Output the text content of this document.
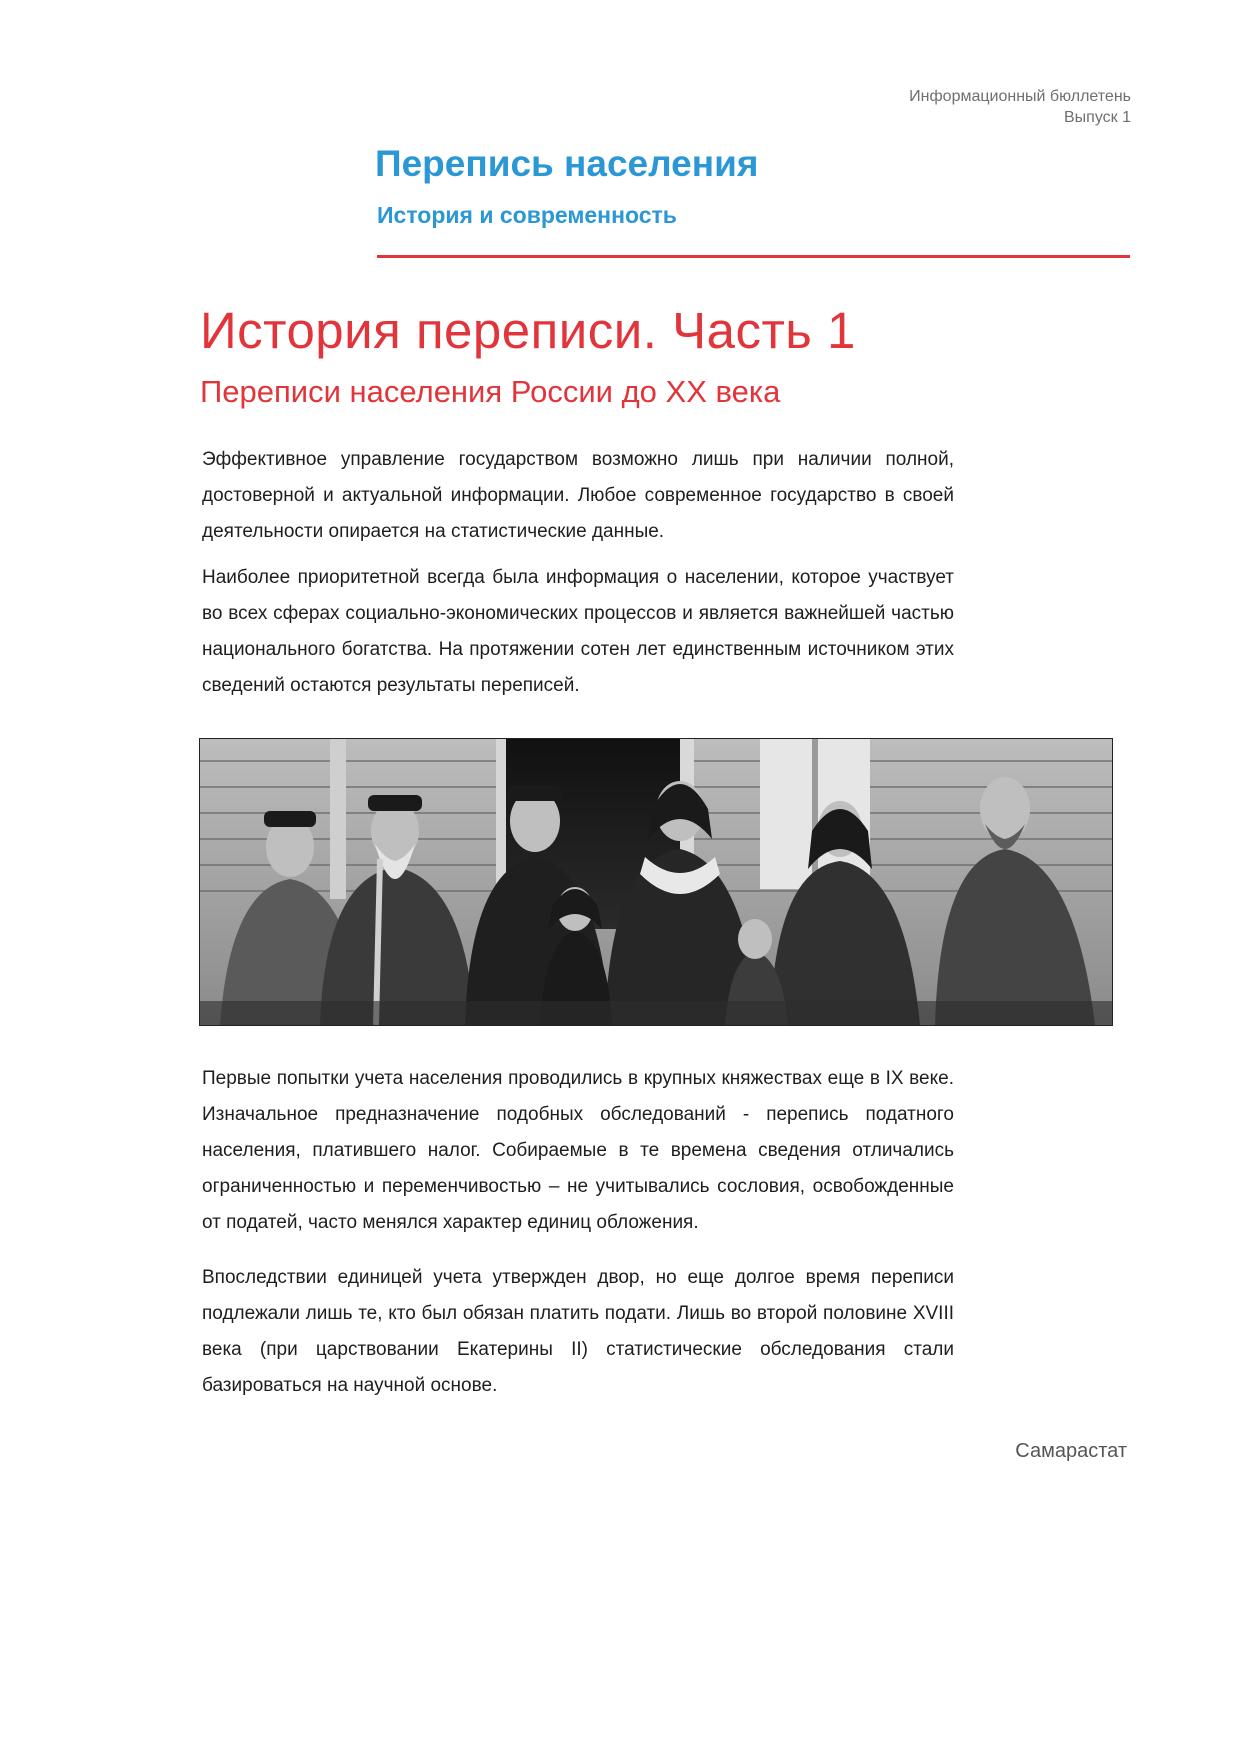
Информационный бюллетень
Выпуск 1
Перепись населения
История и современность
История переписи. Часть 1
Переписи населения России до XX века

Эффективное управление государством возможно лишь при наличии полной, достоверной и актуальной информации. Любое современное государство в своей деятельности опирается на статистические данные.

Наиболее приоритетной всегда была информация о населении, которое участвует во всех сферах социально-экономических процессов и является важнейшей частью национального богатства. На протяжении сотен лет единственным источником этих сведений остаются результаты переписей.

Первые попытки учета населения проводились в крупных княжествах еще в IX веке. Изначальное предназначение подобных обследований - перепись податного населения, платившего налог. Собираемые в те времена сведения отличались ограниченностью и переменчивостью – не учитывались сословия, освобожденные от податей, часто менялся характер единиц обложения.

Впоследствии единицей учета утвержден двор, но еще долгое время переписи подлежали лишь те, кто был обязан платить подати. Лишь во второй половине XVIII века (при царствовании Екатерины II) статистические обследования стали базироваться на научной основе.

Самарастат
